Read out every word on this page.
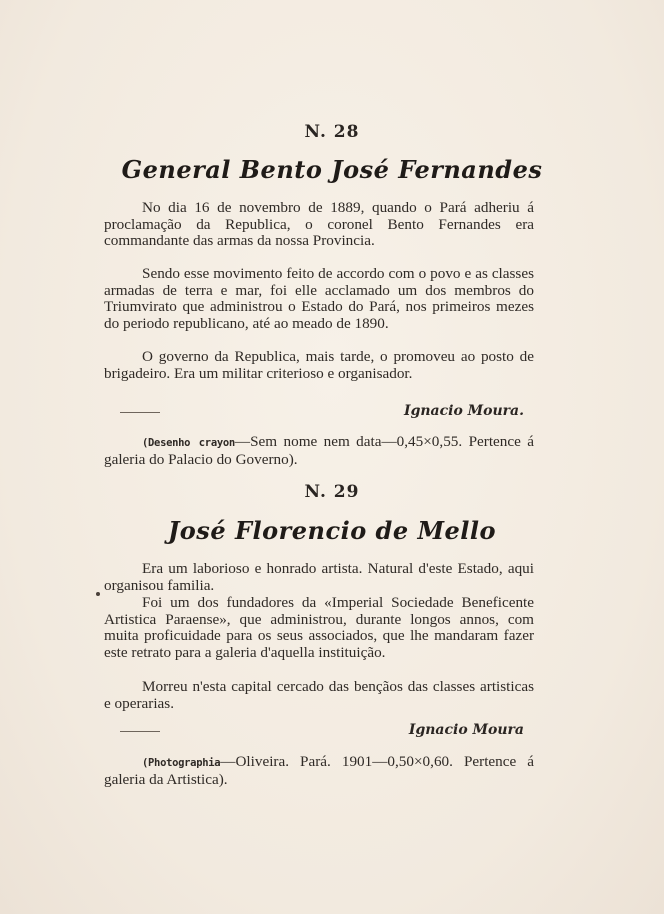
N. 28
General Bento José Fernandes

No dia 16 de novembro de 1889, quando o Pará adheriu á proclamação da Republica, o coronel Bento Fernandes era commandante das armas da nossa Provincia.

Sendo esse movimento feito de accordo com o povo e as classes armadas de terra e mar, foi elle acclamado um dos membros do Triumvirato que administrou o Estado do Pará, nos primeiros mezes do periodo republicano, até ao meado de 1890.

O governo da Republica, mais tarde, o promoveu ao posto de brigadeiro. Era um militar criterioso e organisador.

Ignacio Moura.

(Desenho crayon—Sem nome nem data—0,45×0,55. Pertence á galeria do Palacio do Governo).

N. 29
José Florencio de Mello

Era um laborioso e honrado artista. Natural d'este Estado, aqui organisou familia.

Foi um dos fundadores da «Imperial Sociedade Beneficente Artistica Paraense», que administrou, durante longos annos, com muita proficuidade para os seus associados, que lhe mandaram fazer este retrato para a galeria d'aquella instituição.

Morreu n'esta capital cercado das bençãos das classes artisticas e operarias.

Ignacio Moura

(Photographia—Oliveira. Pará. 1901—0,50×0,60. Pertence á galeria da Artistica).
